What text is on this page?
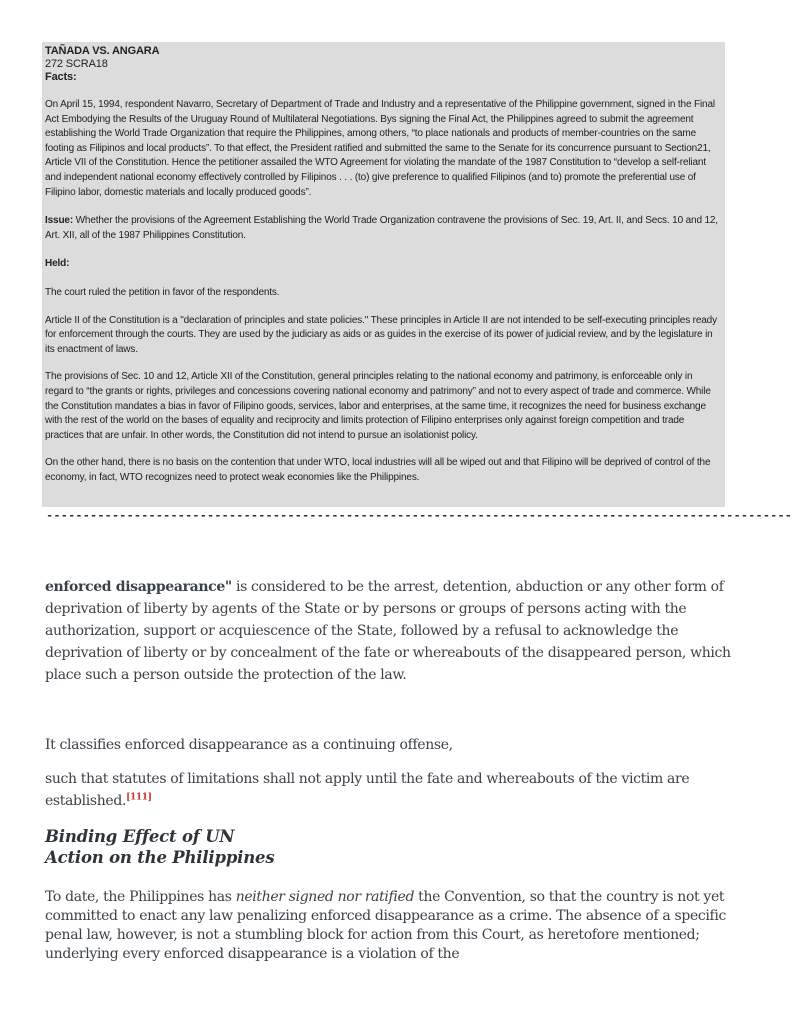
TAÑADA VS. ANGARA

272 SCRA18

Facts:

On April 15, 1994, respondent Navarro, Secretary of Department of Trade and Industry and a representative of the Philippine government, signed in the Final Act Embodying the Results of the Uruguay Round of Multilateral Negotiations. Bys signing the Final Act, the Philippines agreed to submit the agreement establishing the World Trade Organization that require the Philippines, among others, “to place nationals and products of member-countries on the same footing as Filipinos and local products”. To that effect, the President ratified and submitted the same to the Senate for its concurrence pursuant to Section21, Article VII of the Constitution. Hence the petitioner assailed the WTO Agreement for violating the mandate of the 1987 Constitution to “develop a self-reliant and independent national economy effectively controlled by Filipinos . . . (to) give preference to qualified Filipinos (and to) promote the preferential use of Filipino labor, domestic materials and locally produced goods”.

Issue: Whether the provisions of the Agreement Establishing the World Trade Organization contravene the provisions of Sec. 19, Art. II, and Secs. 10 and 12, Art. XII, all of the 1987 Philippines Constitution.

Held:

The court ruled the petition in favor of the respondents.

Article II of the Constitution is a "declaration of principles and state policies." These principles in Article II are not intended to be self-executing principles ready for enforcement through the courts. They are used by the judiciary as aids or as guides in the exercise of its power of judicial review, and by the legislature in its enactment of laws.

The provisions of Sec. 10 and 12, Article XII of the Constitution, general principles relating to the national economy and patrimony, is enforceable only in regard to “the grants or rights, privileges and concessions covering national economy and patrimony” and not to every aspect of trade and commerce. While the Constitution mandates a bias in favor of Filipino goods, services, labor and enterprises, at the same time, it recognizes the need for business exchange with the rest of the world on the bases of equality and reciprocity and limits protection of Filipino enterprises only against foreign competition and trade practices that are unfair. In other words, the Constitution did not intend to pursue an isolationist policy.

On the other hand, there is no basis on the contention that under WTO, local industries will all be wiped out and that Filipino will be deprived of control of the economy, in fact, WTO recognizes need to protect weak economies like the Philippines.

------------------------------------------------------------------------------------------------------

enforced disappearance" is considered to be the arrest, detention, abduction or any other form of deprivation of liberty by agents of the State or by persons or groups of persons acting with the authorization, support or acquiescence of the State, followed by a refusal to acknowledge the deprivation of liberty or by concealment of the fate or whereabouts of the disappeared person, which place such a person outside the protection of the law.

It classifies enforced disappearance as a continuing offense,

such that statutes of limitations shall not apply until the fate and whereabouts of the victim are established.[111]

Binding Effect of UN

Action on the Philippines

To date, the Philippines has neither signed nor ratified the Convention, so that the country is not yet committed to enact any law penalizing enforced disappearance as a crime. The absence of a specific penal law, however, is not a stumbling block for action from this Court, as heretofore mentioned; underlying every enforced disappearance is a violation of the
